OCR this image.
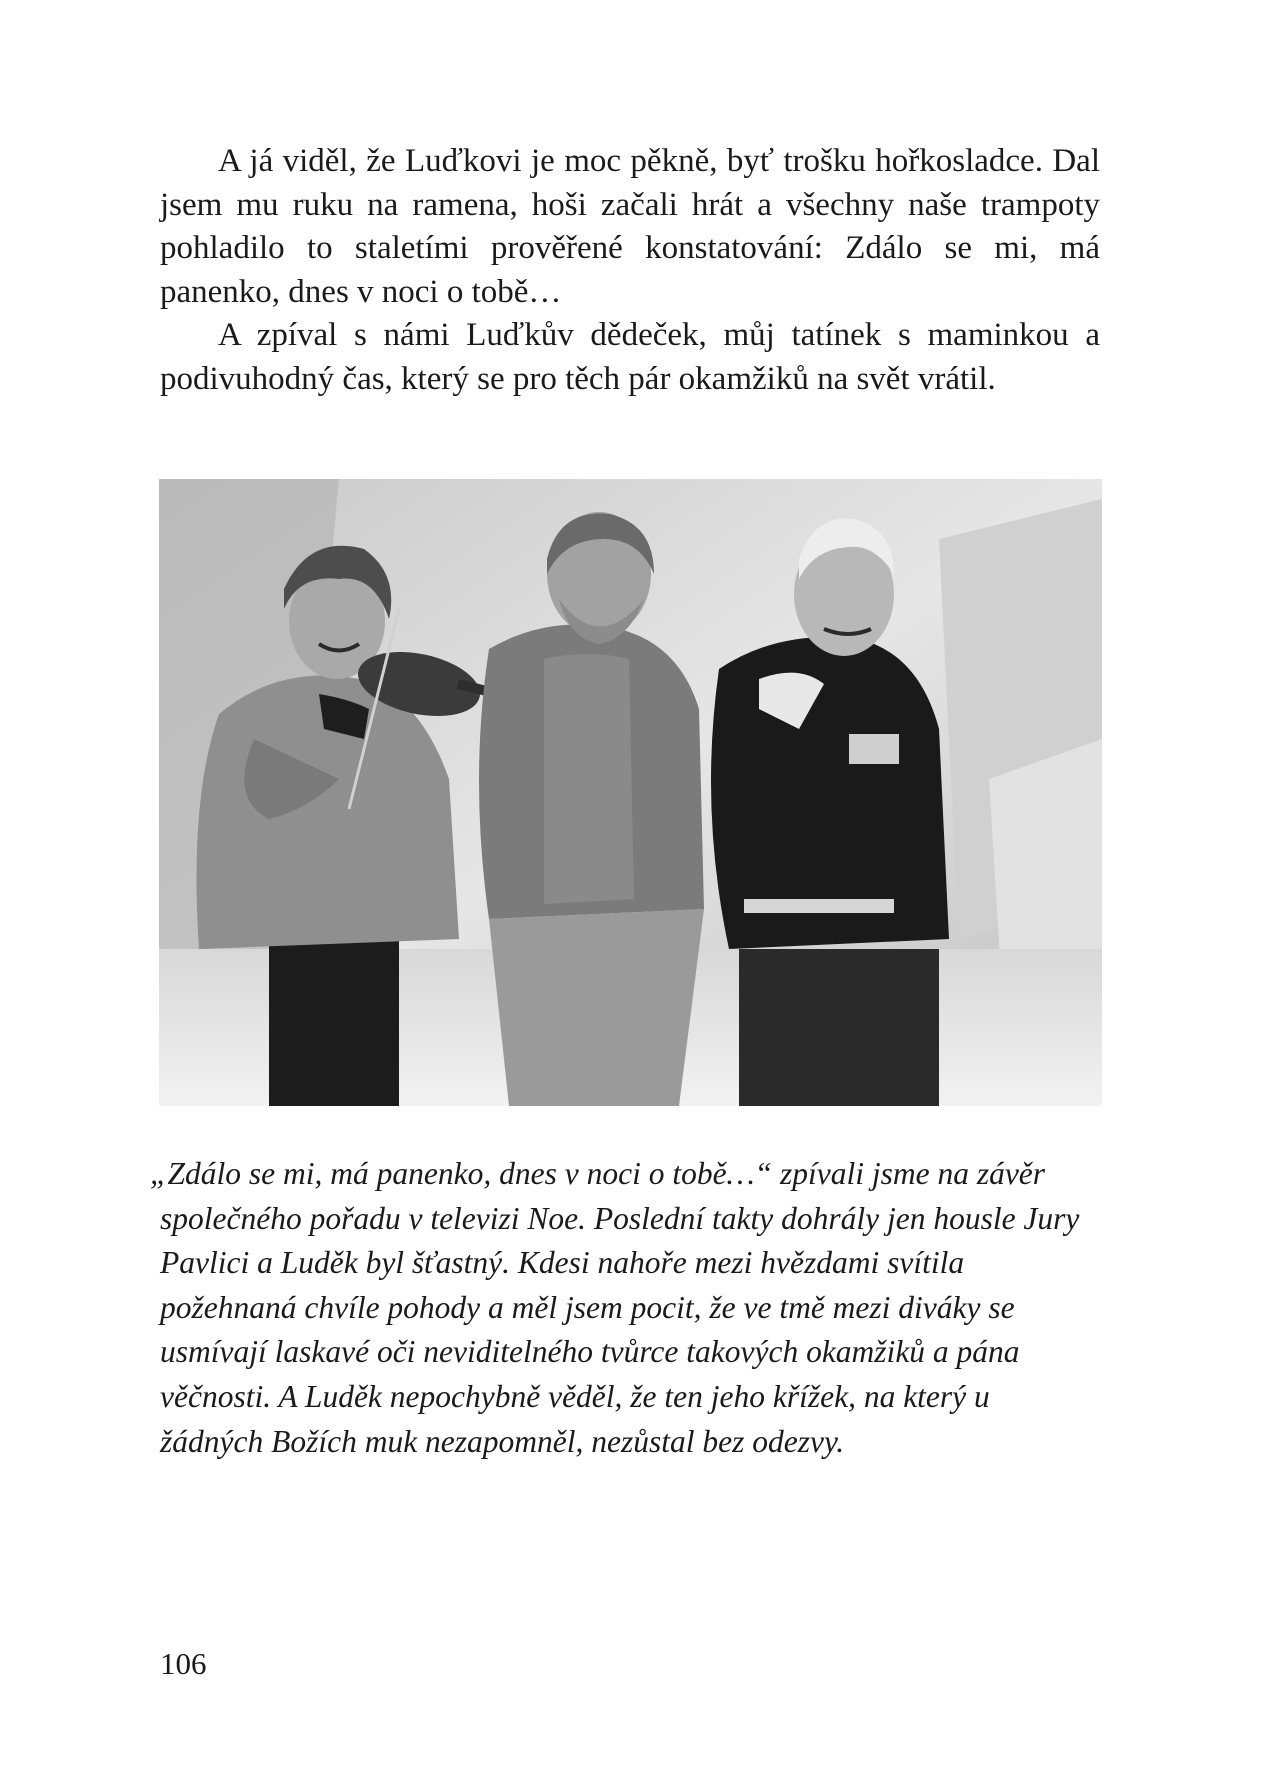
A já viděl, že Luďkovi je moc pěkně, byť trošku hořkosladce. Dal jsem mu ruku na ramena, hoši začali hrát a všechny naše trampoty pohladilo to staletími prověřené konstatování: Zdálo se mi, má panenko, dnes v noci o tobě…

A zpíval s námi Luďkův dědeček, můj tatínek s maminkou a podivuhodný čas, který se pro těch pár okamžiků na svět vrátil.

„Zdálo se mi, má panenko, dnes v noci o tobě…“ zpívali jsme na závěr společného pořadu v televizi Noe. Poslední takty dohrály jen housle Jury Pavlici a Luděk byl šťastný. Kdesi nahoře mezi hvězdami svítila požehnaná chvíle pohody a měl jsem pocit, že ve tmě mezi diváky se usmívají laskavé oči neviditelného tvůrce takových okamžiků a pána věčnosti. A Luděk nepochybně věděl, že ten jeho křížek, na který u žádných Božích muk nezapomněl, nezůstal bez odezvy.

106
